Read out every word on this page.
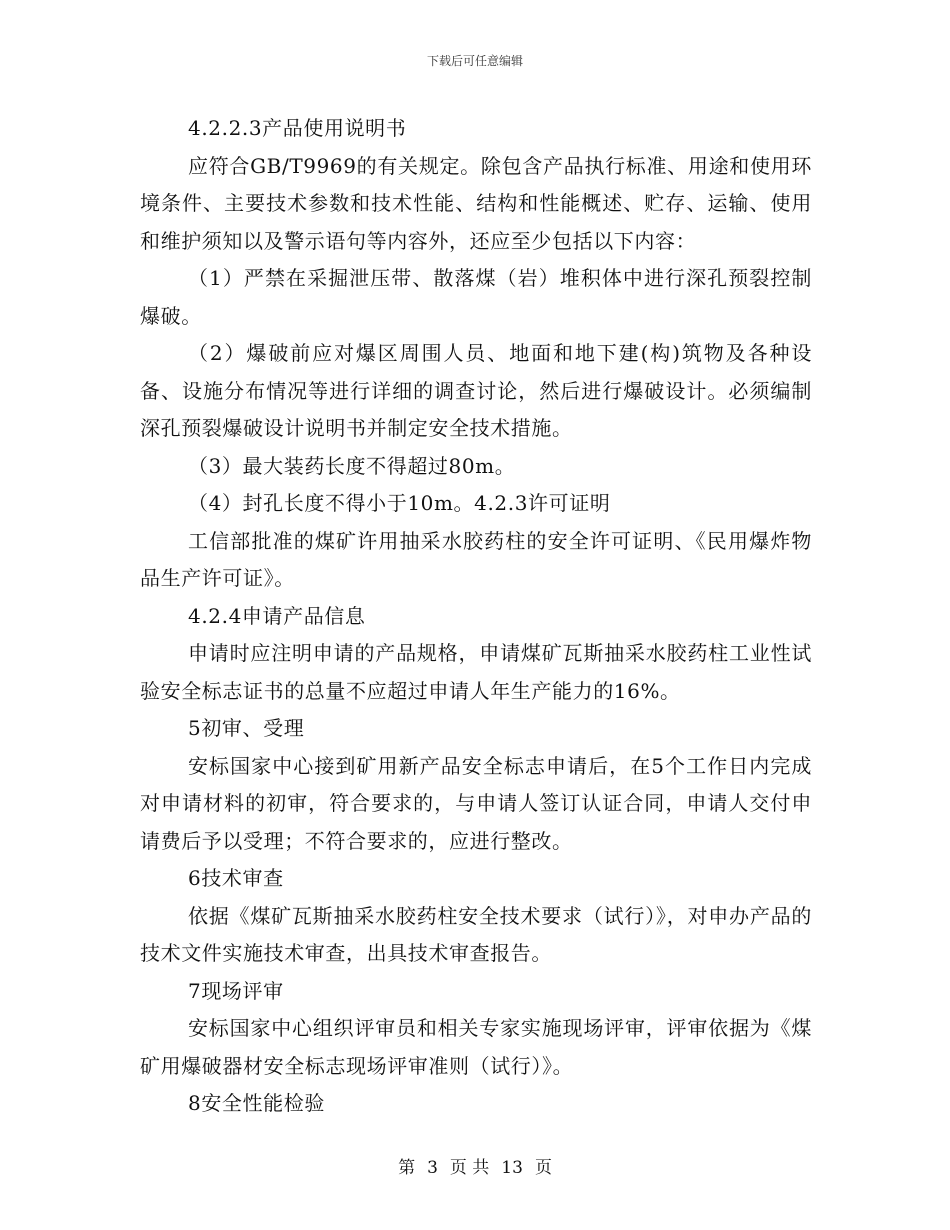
下载后可任意编辑

4.2.2.3产品使用说明书

应符合GB/T9969的有关规定。除包含产品执行标准、用途和使用环境条件、主要技术参数和技术性能、结构和性能概述、贮存、运输、使用和维护须知以及警示语句等内容外，还应至少包括以下内容：

（1）严禁在采掘泄压带、散落煤（岩）堆积体中进行深孔预裂控制爆破。

（2）爆破前应对爆区周围人员、地面和地下建(构)筑物及各种设备、设施分布情况等进行详细的调查讨论，然后进行爆破设计。必须编制深孔预裂爆破设计说明书并制定安全技术措施。

（3）最大装药长度不得超过80m。

（4）封孔长度不得小于10m。4.2.3许可证明

工信部批准的煤矿许用抽采水胶药柱的安全许可证明、《民用爆炸物品生产许可证》。

4.2.4申请产品信息

申请时应注明申请的产品规格，申请煤矿瓦斯抽采水胶药柱工业性试验安全标志证书的总量不应超过申请人年生产能力的16%。

5初审、受理

安标国家中心接到矿用新产品安全标志申请后，在5个工作日内完成对申请材料的初审，符合要求的，与申请人签订认证合同，申请人交付申请费后予以受理；不符合要求的，应进行整改。

6技术审查

依据《煤矿瓦斯抽采水胶药柱安全技术要求（试行）》，对申办产品的技术文件实施技术审查，出具技术审查报告。

7现场评审

安标国家中心组织评审员和相关专家实施现场评审，评审依据为《煤矿用爆破器材安全标志现场评审准则（试行）》。

8安全性能检验

第 3 页 共 13 页
